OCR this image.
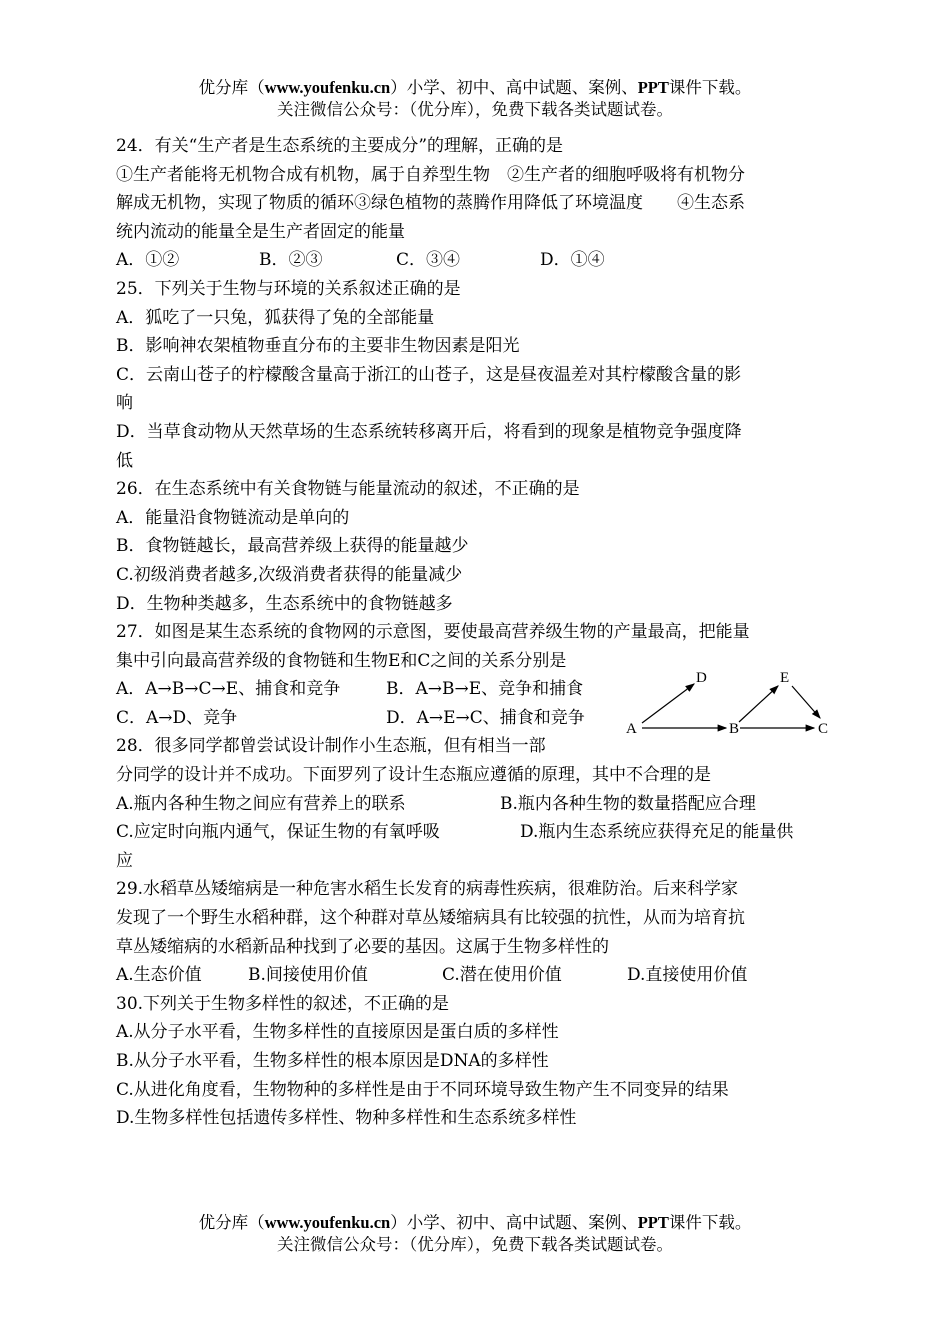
优分库（www.youfenku.cn）小学、初中、高中试题、案例、PPT课件下载。
关注微信公众号：（优分库），免费下载各类试题试卷。
24．有关“生产者是生态系统的主要成分”的理解，正确的是
①生产者能将无机物合成有机物，属于自养型生物　②生产者的细胞呼吸将有机物分
解成无机物，实现了物质的循环③绿色植物的蒸腾作用降低了环境温度　　④生态系
统内流动的能量全是生产者固定的能量
A．①②	B．②③	C．③④	D．①④
25．下列关于生物与环境的关系叙述正确的是
A．狐吃了一只兔，狐获得了兔的全部能量
B．影响神农架植物垂直分布的主要非生物因素是阳光
C．云南山苍子的柠檬酸含量高于浙江的山苍子，这是昼夜温差对其柠檬酸含量的影
响
D．当草食动物从天然草场的生态系统转移离开后，将看到的现象是植物竞争强度降
低
26．在生态系统中有关食物链与能量流动的叙述，不正确的是
A．能量沿食物链流动是单向的
B．食物链越长，最高营养级上获得的能量越少
C.初级消费者越多,次级消费者获得的能量减少
D．生物种类越多，生态系统中的食物链越多
27．如图是某生态系统的食物网的示意图，要使最高营养级生物的产量最高，把能量
集中引向最高营养级的食物链和生物E和C之间的关系分别是
A．A→B→C→E、捕食和竞争	B．A→B→E、竞争和捕食
C．A→D、竞争	D．A→E→C、捕食和竞争
A	B	C
D	E
28．很多同学都曾尝试设计制作小生态瓶，但有相当一部
分同学的设计并不成功。下面罗列了设计生态瓶应遵循的原理，其中不合理的是
A.瓶内各种生物之间应有营养上的联系	B.瓶内各种生物的数量搭配应合理
C.应定时向瓶内通气，保证生物的有氧呼吸	D.瓶内生态系统应获得充足的能量供
应
29.水稻草丛矮缩病是一种危害水稻生长发育的病毒性疾病，很难防治。后来科学家
发现了一个野生水稻种群，这个种群对草丛矮缩病具有比较强的抗性，从而为培育抗
草丛矮缩病的水稻新品种找到了必要的基因。这属于生物多样性的
A.生态价值	B.间接使用价值	C.潜在使用价值	D.直接使用价值
30.下列关于生物多样性的叙述，不正确的是
A.从分子水平看，生物多样性的直接原因是蛋白质的多样性
B.从分子水平看，生物多样性的根本原因是DNA的多样性
C.从进化角度看，生物物种的多样性是由于不同环境导致生物产生不同变异的结果
D.生物多样性包括遗传多样性、物种多样性和生态系统多样性
优分库（www.youfenku.cn）小学、初中、高中试题、案例、PPT课件下载。
关注微信公众号：（优分库），免费下载各类试题试卷。
